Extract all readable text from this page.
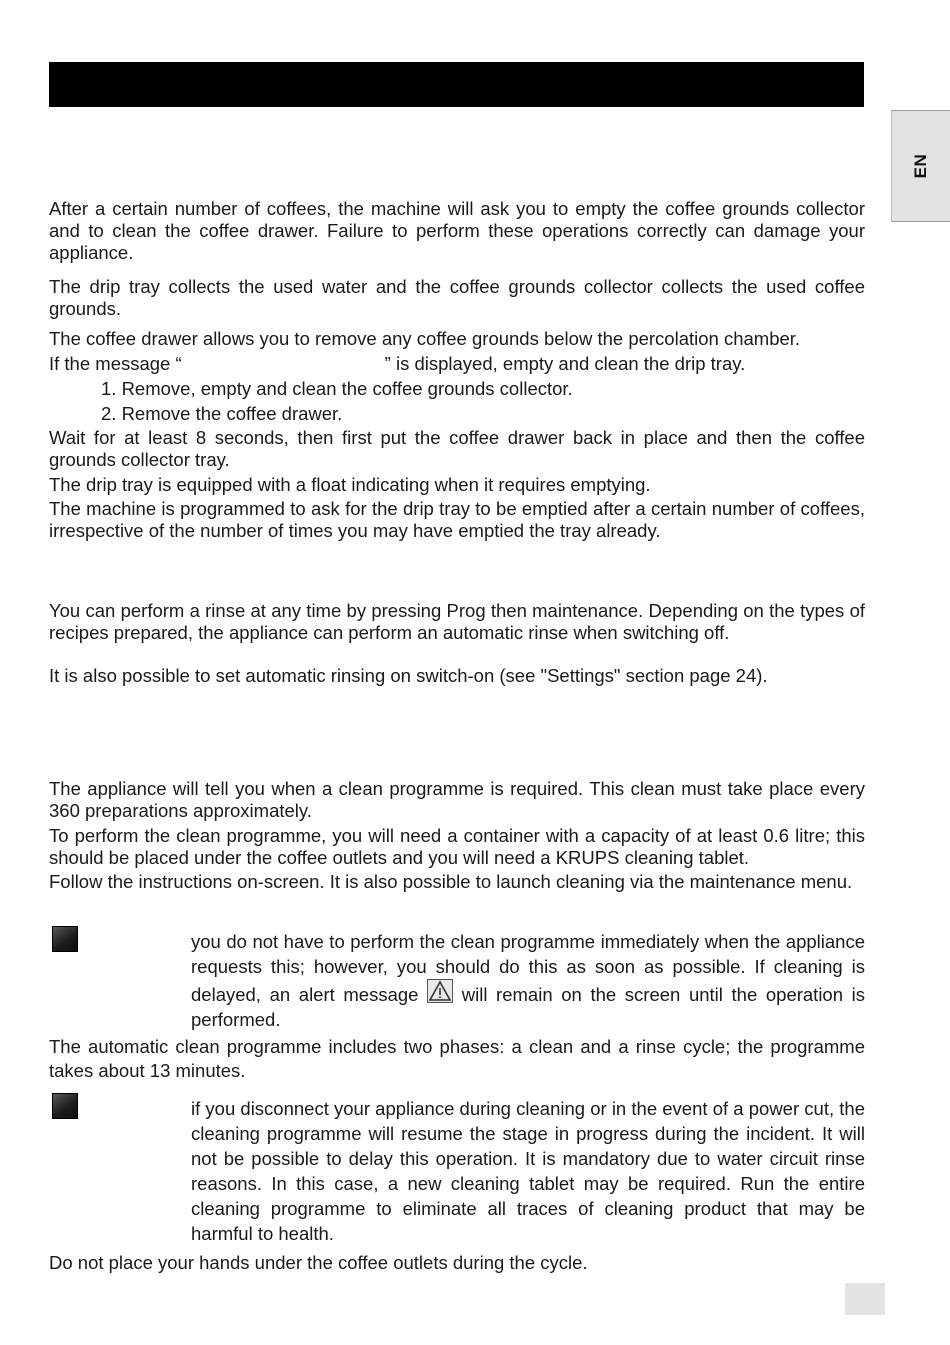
EN

After a certain number of coffees, the machine will ask you to empty the coffee grounds collector and to clean the coffee drawer. Failure to perform these operations correctly can damage your appliance.

The drip tray collects the used water and the coffee grounds collector collects the used coffee grounds.

The coffee drawer allows you to remove any coffee grounds below the percolation chamber.

If the message “	” is displayed, empty and clean the drip tray.

1. Remove, empty and clean the coffee grounds collector.

2. Remove the coffee drawer.

Wait for at least 8 seconds, then first put the coffee drawer back in place and then the coffee grounds collector tray.

The drip tray is equipped with a float indicating when it requires emptying.

The machine is programmed to ask for the drip tray to be emptied after a certain number of coffees, irrespective of the number of times you may have emptied the tray already.

You can perform a rinse at any time by pressing Prog then maintenance. Depending on the types of recipes prepared, the appliance can perform an automatic rinse when switching off.

It is also possible to set automatic rinsing on switch-on (see "Settings" section page 24).

The appliance will tell you when a clean programme is required. This clean must take place every 360 preparations approximately.

To perform the clean programme, you will need a container with a capacity of at least 0.6 litre; this should be placed under the coffee outlets and you will need a KRUPS cleaning tablet.

Follow the instructions on-screen. It is also possible to launch cleaning via the maintenance menu.

you do not have to perform the clean programme immediately when the appliance requests this; however, you should do this as soon as possible. If cleaning is delayed, an alert message
will remain on the screen until the operation is performed.

The automatic clean programme includes two phases: a clean and a rinse cycle; the programme takes about 13 minutes.

if you disconnect your appliance during cleaning or in the event of a power cut, the cleaning programme will resume the stage in progress during the incident. It will not be possible to delay this operation. It is mandatory due to water circuit rinse reasons. In this case, a new cleaning tablet may be required. Run the entire cleaning programme to eliminate all traces of cleaning product that may be harmful to health.

Do not place your hands under the coffee outlets during the cycle.
